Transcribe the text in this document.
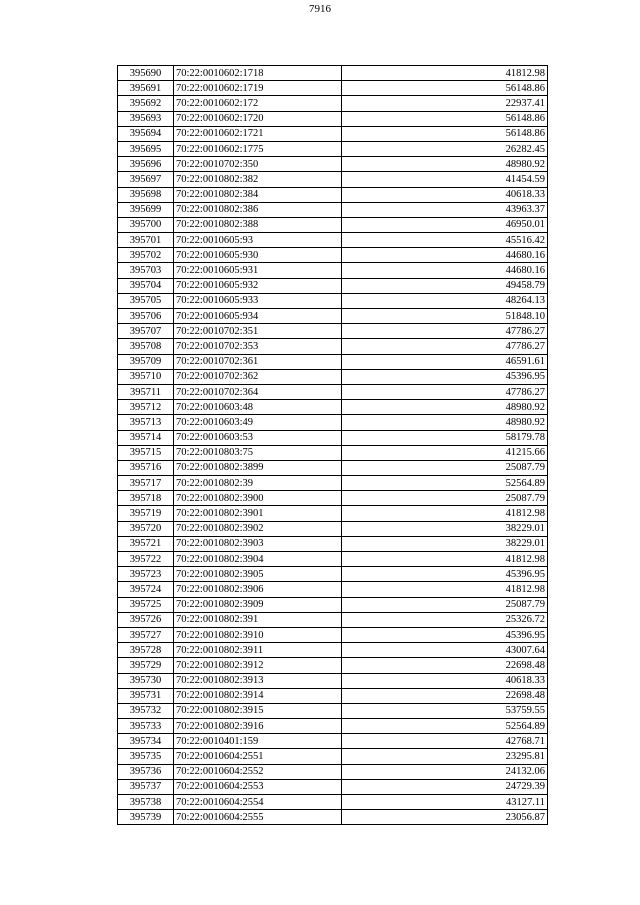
7916
395690	70:22:0010602:1718	41812.98
395691	70:22:0010602:1719	56148.86
395692	70:22:0010602:172	22937.41
395693	70:22:0010602:1720	56148.86
395694	70:22:0010602:1721	56148.86
395695	70:22:0010602:1775	26282.45
395696	70:22:0010702:350	48980.92
395697	70:22:0010802:382	41454.59
395698	70:22:0010802:384	40618.33
395699	70:22:0010802:386	43963.37
395700	70:22:0010802:388	46950.01
395701	70:22:0010605:93	45516.42
395702	70:22:0010605:930	44680.16
395703	70:22:0010605:931	44680.16
395704	70:22:0010605:932	49458.79
395705	70:22:0010605:933	48264.13
395706	70:22:0010605:934	51848.10
395707	70:22:0010702:351	47786.27
395708	70:22:0010702:353	47786.27
395709	70:22:0010702:361	46591.61
395710	70:22:0010702:362	45396.95
395711	70:22:0010702:364	47786.27
395712	70:22:0010603:48	48980.92
395713	70:22:0010603:49	48980.92
395714	70:22:0010603:53	58179.78
395715	70:22:0010803:75	41215.66
395716	70:22:0010802:3899	25087.79
395717	70:22:0010802:39	52564.89
395718	70:22:0010802:3900	25087.79
395719	70:22:0010802:3901	41812.98
395720	70:22:0010802:3902	38229.01
395721	70:22:0010802:3903	38229.01
395722	70:22:0010802:3904	41812.98
395723	70:22:0010802:3905	45396.95
395724	70:22:0010802:3906	41812.98
395725	70:22:0010802:3909	25087.79
395726	70:22:0010802:391	25326.72
395727	70:22:0010802:3910	45396.95
395728	70:22:0010802:3911	43007.64
395729	70:22:0010802:3912	22698.48
395730	70:22:0010802:3913	40618.33
395731	70:22:0010802:3914	22698.48
395732	70:22:0010802:3915	53759.55
395733	70:22:0010802:3916	52564.89
395734	70:22:0010401:159	42768.71
395735	70:22:0010604:2551	23295.81
395736	70:22:0010604:2552	24132.06
395737	70:22:0010604:2553	24729.39
395738	70:22:0010604:2554	43127.11
395739	70:22:0010604:2555	23056.87
